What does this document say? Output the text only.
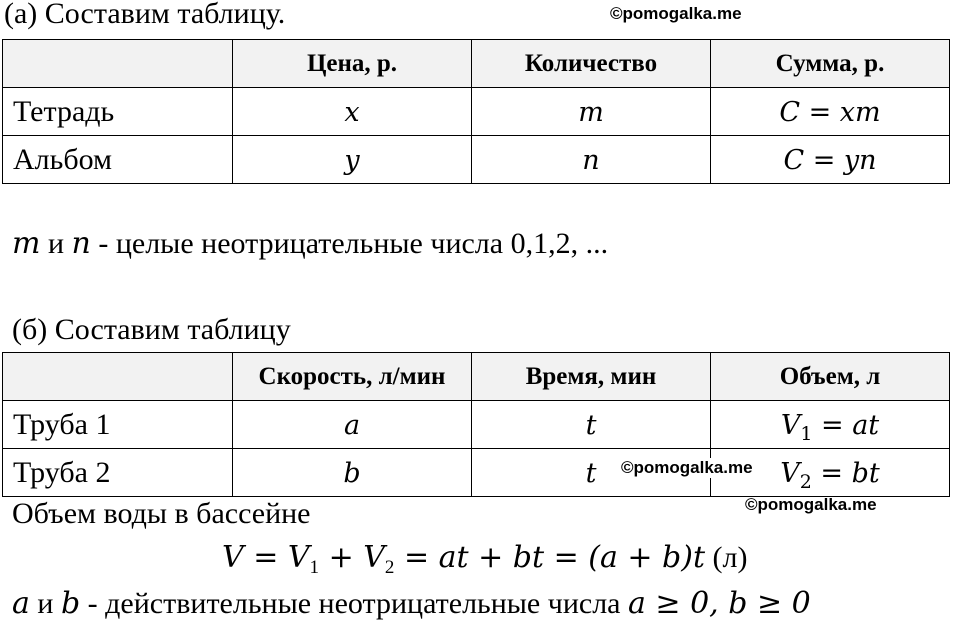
(а) Составим таблицу.	©pomogalka.me
	Цена, р.	Количество	Сумма, р.
Тетрадь	x	m	C = xm
Альбом	y	n	C = yn
m и n - целые неотрицательные числа 0,1,2, ...
(б) Составим таблицу
	Скорость, л/мин	Время, мин	Объем, л
Труба 1	a	t	$V_1$ = at
Труба 2	b	t	$V_2$ = bt
©pomogalka.me
©pomogalka.me
Объем воды в бассейне
$V = V_1 + V_2$ = at + bt = (a + b)t (л)
a и b - действительные неотрицательные числа a ≥ 0, b ≥ 0
